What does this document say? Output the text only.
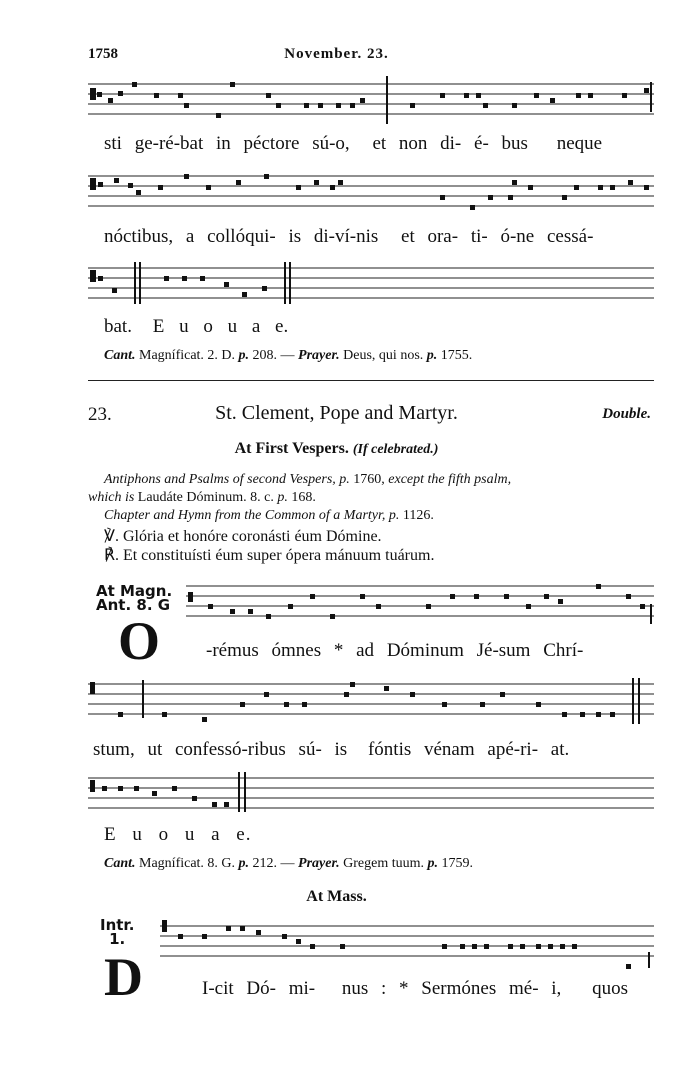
1758	November. 23.
sti ge-ré-bat in péctore sú-o, et non di- é- bus neque
nóctibus, a collóqui- is di-ví-nis et ora- ti- ó-ne cessá-
bat. E u o u a e.
Cant. Magníficat. 2. D. p. 208. — Prayer. Deus, qui nos. p. 1755.
23.	St. Clement, Pope and Martyr.	Double.
At First Vespers. (If celebrated.)
Antiphons and Psalms of second Vespers, p. 1760, except the fifth psalm,
which is Laudáte Dóminum. 8. c. p. 168.
Chapter and Hymn from the Common of a Martyr, p. 1126.
℣. Glória et honóre coronásti éum Dómine.
℟. Et constituísti éum super ópera mánuum tuárum.
At Magn.
Ant. 8. G
O -rémus ómnes * ad Dóminum Jé-sum Chrí-
stum, ut confessó-ribus sú- is fóntis vénam apé-ri- at.
E u o u a e.
Cant. Magníficat. 8. G. p. 212. — Prayer. Gregem tuum. p. 1759.
At Mass.
Intr.
1.
D	I-cit Dó- mi- nus : * Sermónes mé- i, quos
